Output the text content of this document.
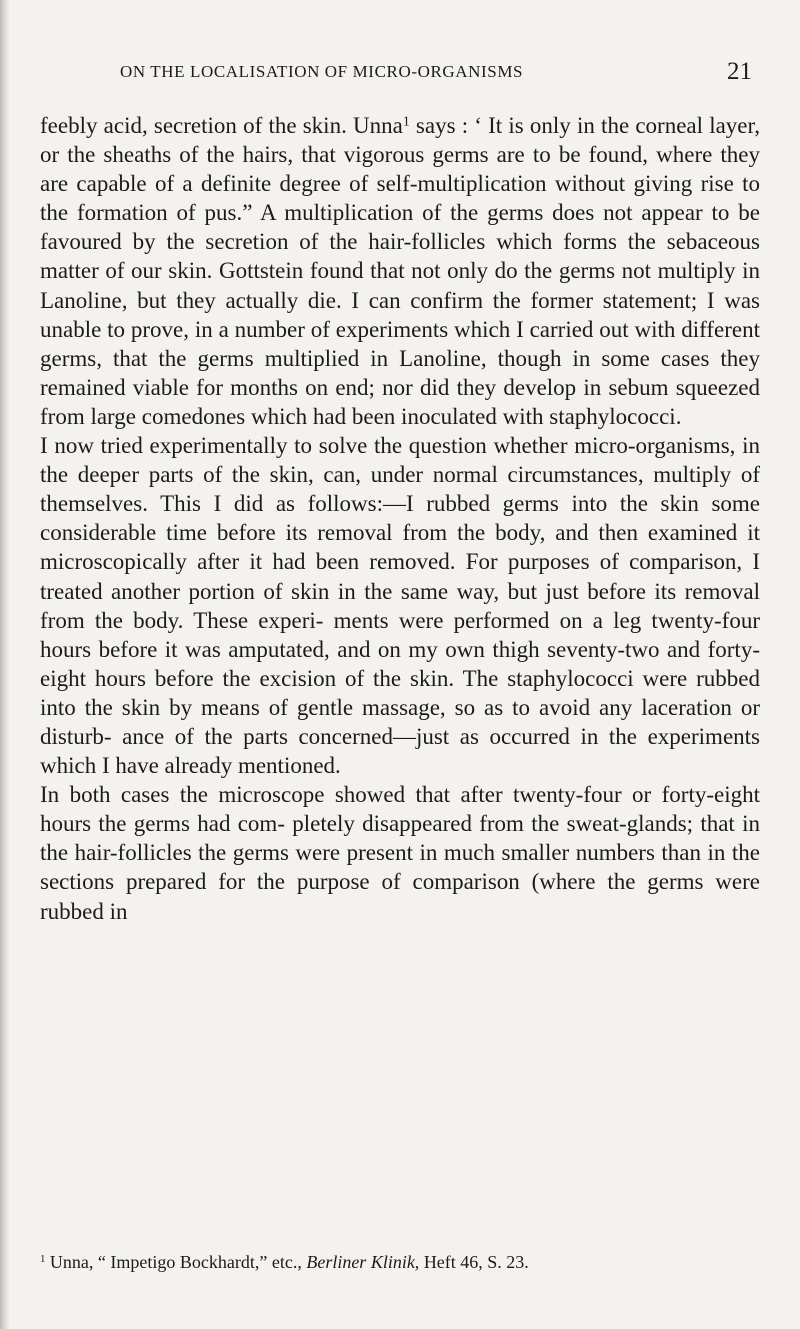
ON THE LOCALISATION OF MICRO-ORGANISMS	21

feebly acid, secretion of the skin. Unna$^1$ says : ‘ It is only in the corneal layer, or the sheaths of the hairs, that vigorous germs are to be found, where they are capable of a definite degree of self-multiplication without giving rise to the formation of pus.” A multiplication of the germs does not appear to be favoured by the secretion of the hair-follicles which forms the sebaceous matter of our skin. Gottstein found that not only do the germs not multiply in Lanoline, but they actually die. I can confirm the former statement; I was unable to prove, in a number of experiments which I carried out with different germs, that the germs multiplied in Lanoline, though in some cases they remained viable for months on end; nor did they develop in sebum squeezed from large comedones which had been inoculated with staphylococci.

I now tried experimentally to solve the question whether micro-organisms, in the deeper parts of the skin, can, under normal circumstances, multiply of themselves. This I did as follows:—I rubbed germs into the skin some considerable time before its removal from the body, and then examined it microscopically after it had been removed. For purposes of comparison, I treated another portion of skin in the same way, but just before its removal from the body. These experi- ments were performed on a leg twenty-four hours before it was amputated, and on my own thigh seventy-two and forty-eight hours before the excision of the skin. The staphylococci were rubbed into the skin by means of gentle massage, so as to avoid any laceration or disturb- ance of the parts concerned—just as occurred in the experiments which I have already mentioned.

In both cases the microscope showed that after twenty-four or forty-eight hours the germs had com- pletely disappeared from the sweat-glands; that in the hair-follicles the germs were present in much smaller numbers than in the sections prepared for the purpose of comparison (where the germs were rubbed in

$^1$ Unna, “ Impetigo Bockhardt,” etc., Berliner Klinik, Heft 46, S. 23.
